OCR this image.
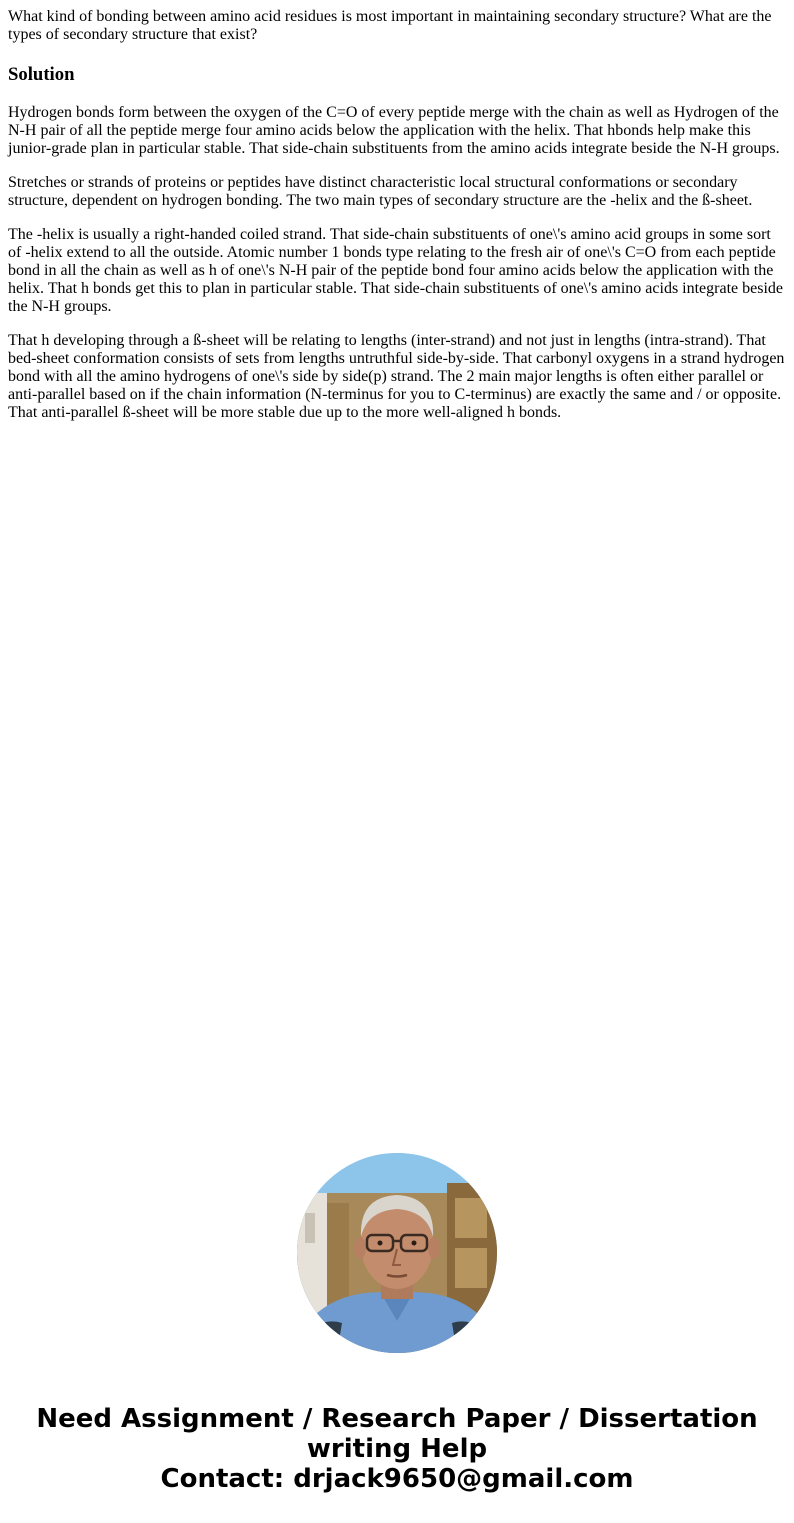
What kind of bonding between amino acid residues is most important in maintaining secondary structure? What are the types of secondary structure that exist?

Solution

Hydrogen bonds form between the oxygen of the C=O of every peptide merge with the chain as well as Hydrogen of the N-H pair of all the peptide merge four amino acids below the application with the helix. That hbonds help make this junior-grade plan in particular stable. That side-chain substituents from the amino acids integrate beside the N-H groups.

Stretches or strands of proteins or peptides have distinct characteristic local structural conformations or secondary structure, dependent on hydrogen bonding. The two main types of secondary structure are the -helix and the ß-sheet.

The -helix is usually a right-handed coiled strand. That side-chain substituents of one\'s amino acid groups in some sort of -helix extend to all the outside. Atomic number 1 bonds type relating to the fresh air of one\'s C=O from each peptide bond in all the chain as well as h of one\'s N-H pair of the peptide bond four amino acids below the application with the helix. That h bonds get this to plan in particular stable. That side-chain substituents of one\'s amino acids integrate beside the N-H groups.

That h developing through a ß-sheet will be relating to lengths (inter-strand) and not just in lengths (intra-strand). That bed-sheet conformation consists of sets from lengths untruthful side-by-side. That carbonyl oxygens in a strand hydrogen bond with all the amino hydrogens of one\'s side by side(p) strand. The 2 main major lengths is often either parallel or anti-parallel based on if the chain information (N-terminus for you to C-terminus) are exactly the same and / or opposite. That anti-parallel ß-sheet will be more stable due up to the more well-aligned h bonds.

Need Assignment / Research Paper / Dissertation
writing Help
Contact: drjack9650@gmail.com
